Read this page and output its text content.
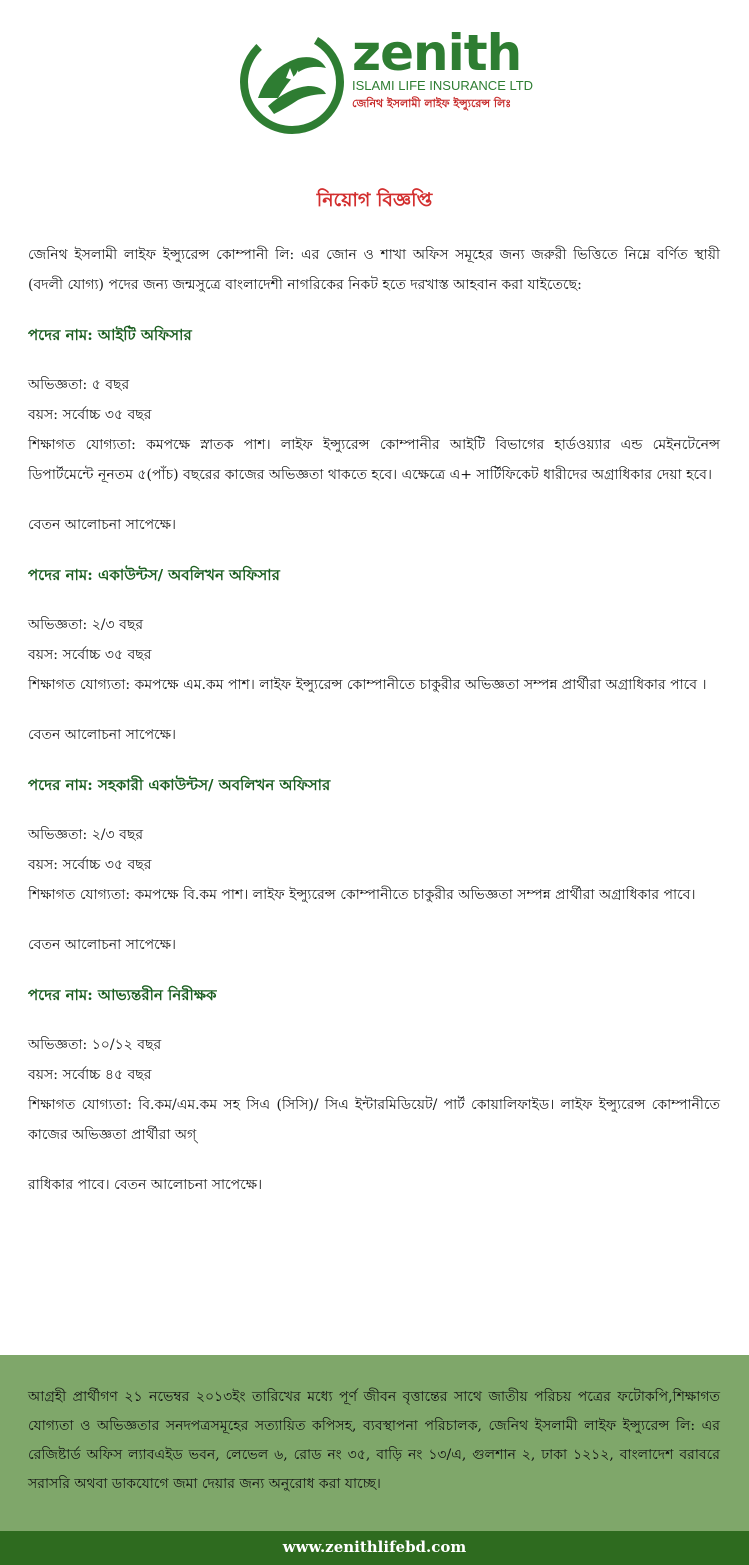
zenith
ISLAMI LIFE INSURANCE LTD
জেনিথ ইসলামী লাইফ ইন্স্যুরেন্স লিঃ
নিয়োগ বিজ্ঞপ্তি

জেনিথ ইসলামী লাইফ ইন্স্যুরেন্স কোম্পানী লি: এর জোন ও শাখা অফিস সমূহের জন্য জরুরী ভিত্তিতে নিম্নে বর্ণিত স্থায়ী (বদলী যোগ্য) পদের জন্য জন্মসুত্রে বাংলাদেশী নাগরিকের নিকট হতে দরখাস্ত আহবান করা যাইতেছে:

পদের নাম: আইটি অফিসার

অভিজ্ঞতা: ৫ বছর

বয়স: সর্বোচ্চ ৩৫ বছর

শিক্ষাগত যোগ্যতা: কমপক্ষে স্নাতক পাশ। লাইফ ইন্স্যুরেন্স কোম্পানীর আইটি বিভাগের হার্ডওয়্যার এন্ড মেইনটেনেন্স ডিপার্টমেন্টে নূনতম ৫(পাঁচ) বছরের কাজের অভিজ্ঞতা থাকতে হবে। এক্ষেত্রে এ+ সার্টিফিকেট ধারীদের অগ্রাধিকার দেয়া হবে।

বেতন আলোচনা সাপেক্ষে।

পদের নাম: একাউন্টস/ অবলিখন অফিসার

অভিজ্ঞতা: ২/৩ বছর

বয়স: সর্বোচ্চ ৩৫ বছর

শিক্ষাগত যোগ্যতা: কমপক্ষে এম.কম পাশ। লাইফ ইন্স্যুরেন্স কোম্পানীতে চাকুরীর অভিজ্ঞতা সম্পন্ন প্রার্থীরা অগ্রাধিকার পাবে ।

বেতন আলোচনা সাপেক্ষে।

পদের নাম: সহকারী একাউন্টস/ অবলিখন অফিসার

অভিজ্ঞতা: ২/৩ বছর

বয়স: সর্বোচ্চ ৩৫ বছর

শিক্ষাগত যোগ্যতা: কমপক্ষে বি.কম পাশ। লাইফ ইন্স্যুরেন্স কোম্পানীতে চাকুরীর অভিজ্ঞতা সম্পন্ন প্রার্থীরা অগ্রাধিকার পাবে।

বেতন আলোচনা সাপেক্ষে।

পদের নাম: আভ্যন্তরীন নিরীক্ষক

অভিজ্ঞতা: ১০/১২ বছর

বয়স: সর্বোচ্চ ৪৫ বছর

শিক্ষাগত যোগ্যতা: বি.কম/এম.কম সহ সিএ (সিসি)/ সিএ ইন্টারমিডিয়েট/ পার্ট কোয়ালিফাইড। লাইফ ইন্স্যুরেন্স কোম্পানীতে কাজের অভিজ্ঞতা প্রার্থীরা অগ্

রাধিকার পাবে। বেতন আলোচনা সাপেক্ষে।

আগ্রহী প্রার্থীগণ ২১ নভেম্বর ২০১৩ইং তারিখের মধ্যে পূর্ণ জীবন বৃত্তান্তের সাথে জাতীয় পরিচয় পত্রের ফটোকপি,শিক্ষাগত যোগ্যতা ও অভিজ্ঞতার সনদপত্রসমূহের সত্যায়িত কপিসহ, ব্যবস্থাপনা পরিচালক, জেনিথ ইসলামী লাইফ ইন্স্যুরেন্স লি: এর রেজিষ্টার্ড অফিস ল্যাবএইড ভবন, লেভেল ৬, রোড নং ৩৫, বাড়ি নং ১৩/এ, গুলশান ২, ঢাকা ১২১২, বাংলাদেশ বরাবরে সরাসরি অথবা ডাকযোগে জমা দেয়ার জন্য অনুরোধ করা যাচ্ছে।

www.zenithlifebd.com
